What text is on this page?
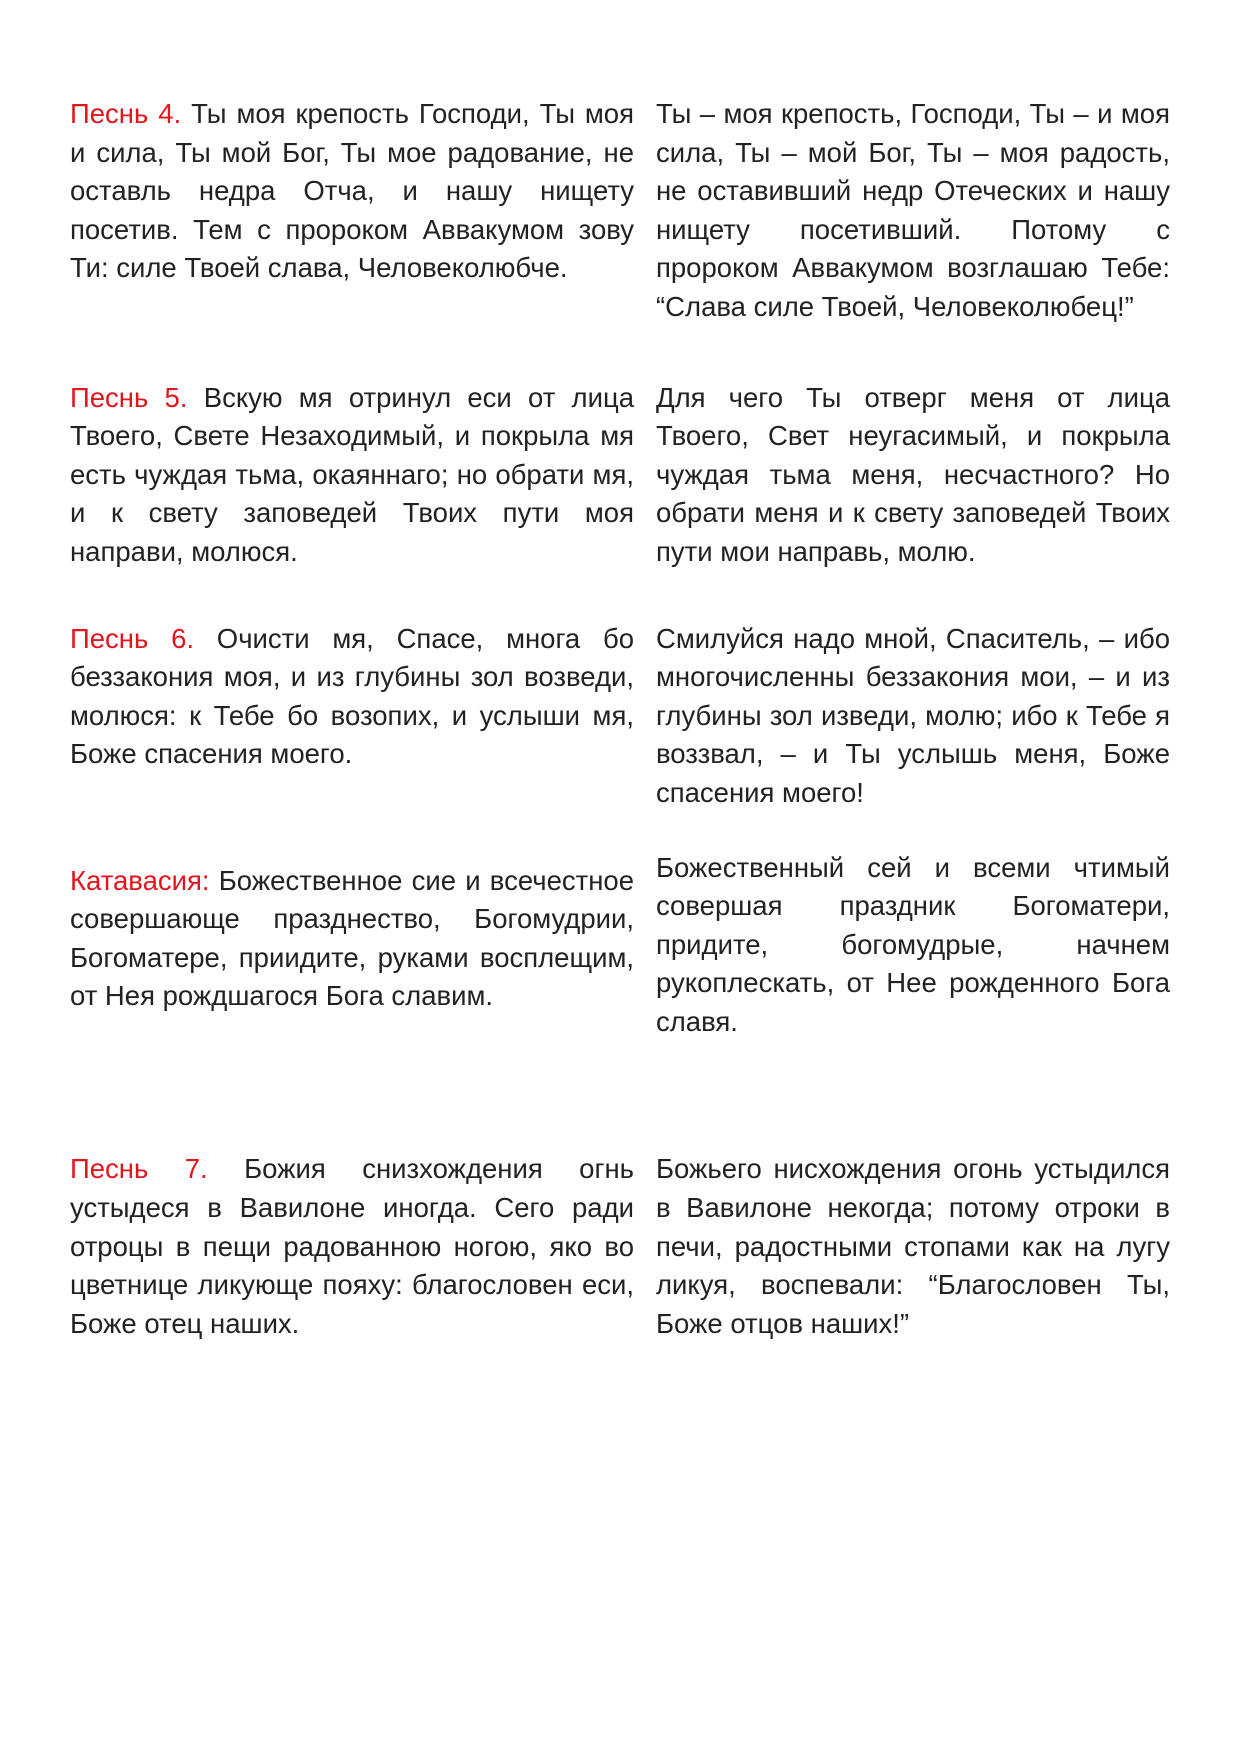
Песнь 4. Ты моя крепость Господи, Ты моя и сила, Ты мой Бог, Ты мое радование, не оставль недра Отча, и нашу нищету посетив. Тем с пророком Аввакумом зову Ти: силе Твоей слава, Человеколюбче.
Ты – моя крепость, Господи, Ты – и моя сила, Ты – мой Бог, Ты – моя радость, не оставивший недр Отеческих и нашу нищету посетивший. Потому с пророком Аввакумом возглашаю Тебе: “Слава силе Твоей, Человеколюбец!”
Песнь 5. Вскую мя отринул еси от лица Твоего, Свете Незаходимый, и покрыла мя есть чуждая тьма, окаяннаго; но обрати мя, и к свету заповедей Твоих пути моя направи, молюся.
Для чего Ты отверг меня от лица Твоего, Свет неугасимый, и покрыла чуждая тьма меня, несчастного? Но обрати меня и к свету заповедей Твоих пути мои направь, молю.
Песнь 6. Очисти мя, Спасе, многа бо беззакония моя, и из глубины зол возведи, молюся: к Тебе бо возопих, и услыши мя, Боже спасения моего.
Смилуйся надо мной, Спаситель, – ибо многочисленны беззакония мои, – и из глубины зол изведи, молю; ибо к Тебе я воззвал, – и Ты услышь меня, Боже спасения моего!
Катавасия: Божественное сие и всечестное совершающе празднество, Богомудрии, Богоматере, приидите, руками восплещим, от Нея рождшагося Бога славим.
Божественный сей и всеми чтимый совершая праздник Богоматери, придите, богомудрые, начнем рукоплескать, от Нее рожденного Бога славя.
Песнь 7. Божия снизхождения огнь устыдеся в Вавилоне иногда. Сего ради отроцы в пещи радованною ногою, яко во цветнице ликующе пояху: благословен еси, Боже отец наших.
Божьего нисхождения огонь устыдился в Вавилоне некогда; потому отроки в печи, радостными стопами как на лугу ликуя, воспевали: “Благословен Ты, Боже отцов наших!”
